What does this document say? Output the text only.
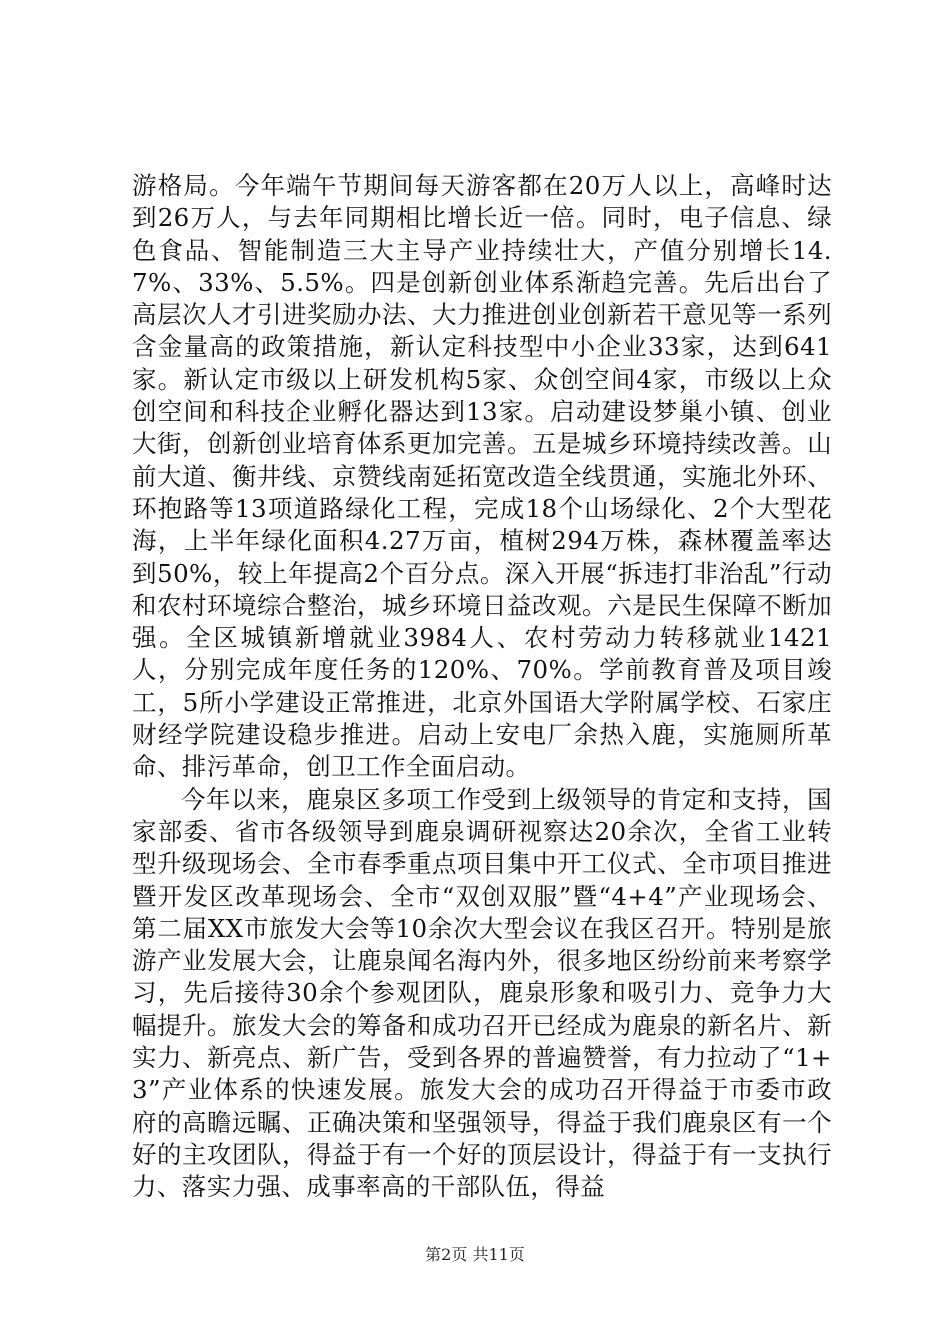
游格局。今年端午节期间每天游客都在20万人以上，高峰时达到26万人，与去年同期相比增长近一倍。同时，电子信息、绿色食品、智能制造三大主导产业持续壮大，产值分别增长14.7%、33%、5.5%。四是创新创业体系渐趋完善。先后出台了高层次人才引进奖励办法、大力推进创业创新若干意见等一系列含金量高的政策措施，新认定科技型中小企业33家，达到641家。新认定市级以上研发机构5家、众创空间4家，市级以上众创空间和科技企业孵化器达到13家。启动建设梦巢小镇、创业大街，创新创业培育体系更加完善。五是城乡环境持续改善。山前大道、衡井线、京赞线南延拓宽改造全线贯通，实施北外环、环抱路等13项道路绿化工程，完成18个山场绿化、2个大型花海，上半年绿化面积4.27万亩，植树294万株，森林覆盖率达到50%，较上年提高2个百分点。深入开展“拆违打非治乱”行动和农村环境综合整治，城乡环境日益改观。六是民生保障不断加强。全区城镇新增就业3984人、农村劳动力转移就业1421人，分别完成年度任务的120%、70%。学前教育普及项目竣工，5所小学建设正常推进，北京外国语大学附属学校、石家庄财经学院建设稳步推进。启动上安电厂余热入鹿，实施厕所革命、排污革命，创卫工作全面启动。

今年以来，鹿泉区多项工作受到上级领导的肯定和支持，国家部委、省市各级领导到鹿泉调研视察达20余次，全省工业转型升级现场会、全市春季重点项目集中开工仪式、全市项目推进暨开发区改革现场会、全市“双创双服”暨“4+4”产业现场会、第二届XX市旅发大会等10余次大型会议在我区召开。特别是旅游产业发展大会，让鹿泉闻名海内外，很多地区纷纷前来考察学习，先后接待30余个参观团队，鹿泉形象和吸引力、竞争力大幅提升。旅发大会的筹备和成功召开已经成为鹿泉的新名片、新实力、新亮点、新广告，受到各界的普遍赞誉，有力拉动了“1+3”产业体系的快速发展。旅发大会的成功召开得益于市委市政府的高瞻远瞩、正确决策和坚强领导，得益于我们鹿泉区有一个好的主攻团队，得益于有一个好的顶层设计，得益于有一支执行力、落实力强、成事率高的干部队伍，得益

第2页 共11页
